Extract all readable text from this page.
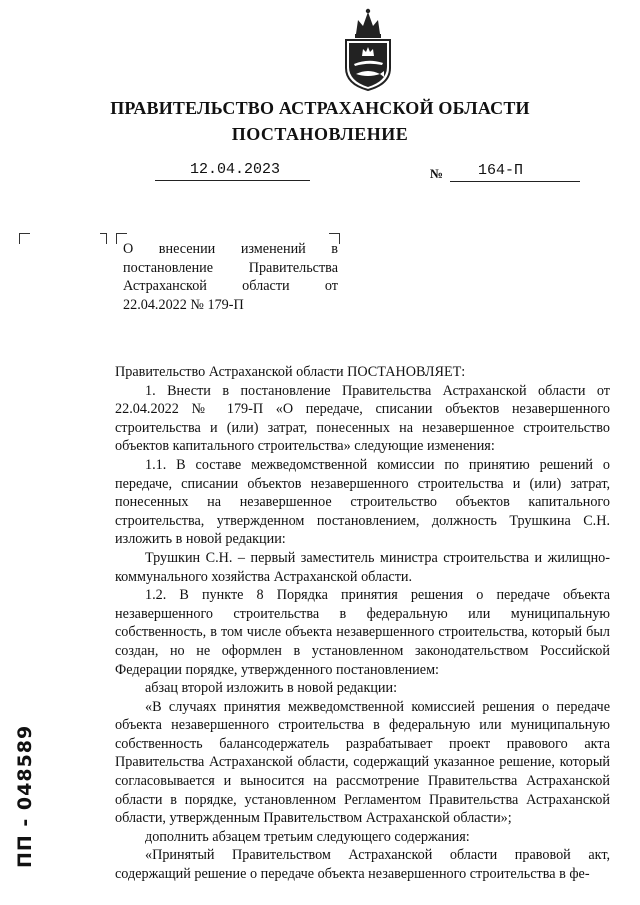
ПРАВИТЕЛЬСТВО АСТРАХАНСКОЙ ОБЛАСТИ
ПОСТАНОВЛЕНИЕ
12.04.2023	№ 164-П
О внесении изменений в постановление Правительства Астраханской области от 22.04.2022 № 179-П

Правительство Астраханской области ПОСТАНОВЛЯЕТ:

1. Внести в постановление Правительства Астраханской области от 22.04.2022 № 179-П «О передаче, списании объектов незавершенного строительства и (или) затрат, понесенных на незавершенное строительство объектов капитального строительства» следующие изменения:

1.1. В составе межведомственной комиссии по принятию решений о передаче, списании объектов незавершенного строительства и (или) затрат, понесенных на незавершенное строительство объектов капитального строительства, утвержденном постановлением, должность Трушкина С.Н. изложить в новой редакции:

Трушкин С.Н. – первый заместитель министра строительства и жилищно-коммунального хозяйства Астраханской области.

1.2. В пункте 8 Порядка принятия решения о передаче объекта незавершенного строительства в федеральную или муниципальную собственность, в том числе объекта незавершенного строительства, который был создан, но не оформлен в установленном законодательством Российской Федерации порядке, утвержденного постановлением:

абзац второй изложить в новой редакции:

«В случаях принятия межведомственной комиссией решения о передаче объекта незавершенного строительства в федеральную или муниципальную собственность балансодержатель разрабатывает проект правового акта Правительства Астраханской области, содержащий указанное решение, который согласовывается и выносится на рассмотрение Правительства Астраханской области в порядке, установленном Регламентом Правительства Астраханской области, утвержденным Правительством Астраханской области»;

дополнить абзацем третьим следующего содержания:

«Принятый Правительством Астраханской области правовой акт, содержащий решение о передаче объекта незавершенного строительства в фе-

ПП - 048589
